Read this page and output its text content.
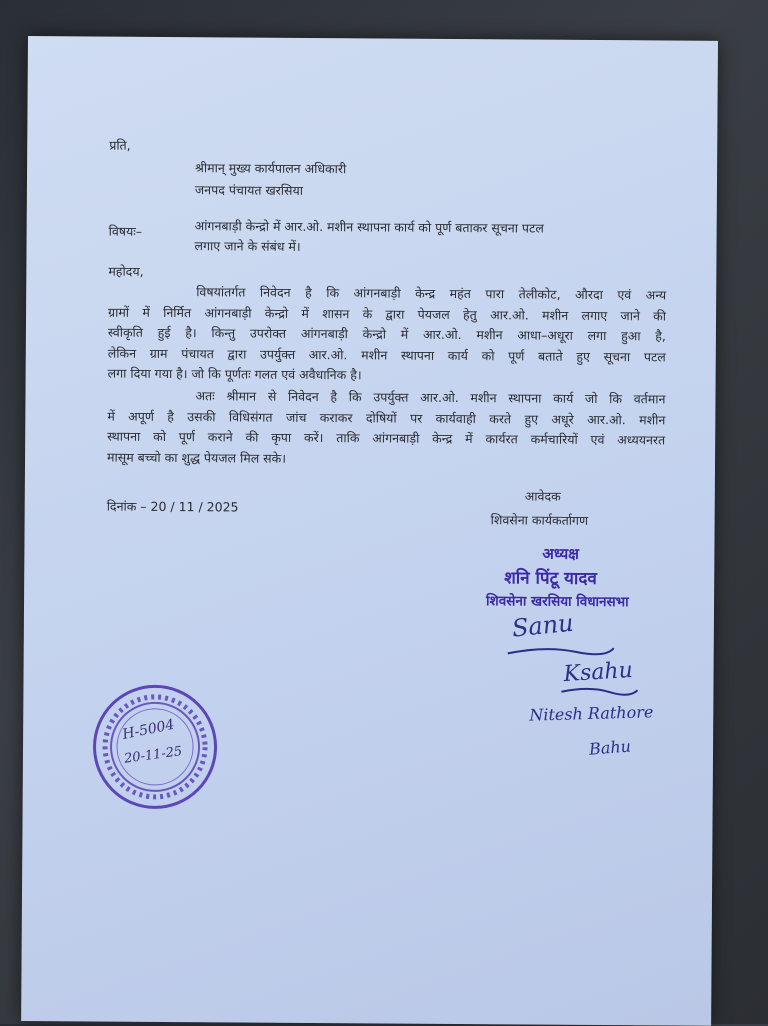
प्रति,
श्रीमान् मुख्य कार्यपालन अधिकारी
जनपद पंचायत खरसिया
विषयः–	आंगनबाड़ी केन्द्रो में आर.ओ. मशीन स्थापना कार्य को पूर्ण बताकर सूचना पटल
लगाए जाने के संबंध में।
महोदय,
विषयांतर्गत निवेदन है कि आंगनबाड़ी केन्द्र महंत पारा तेलीकोट, औरदा एवं अन्य
ग्रामों में निर्मित आंगनबाड़ी केन्द्रो में शासन के द्वारा पेयजल हेतु आर.ओ. मशीन लगाए जाने की
स्वीकृति हुई है। किन्तु उपरोक्त आंगनबाड़ी केन्द्रो में आर.ओ. मशीन आधा–अधूरा लगा हुआ है,
लेकिन ग्राम पंचायत द्वारा उपर्युक्त आर.ओ. मशीन स्थापना कार्य को पूर्ण बताते हुए सूचना पटल
लगा दिया गया है। जो कि पूर्णतः गलत एवं अवैधानिक है।
अतः श्रीमान से निवेदन है कि उपर्युक्त आर.ओ. मशीन स्थापना कार्य जो कि वर्तमान
में अपूर्ण है उसकी विधिसंगत जांच कराकर दोषियों पर कार्यवाही करते हुए अधूरे आर.ओ. मशीन
स्थापना को पूर्ण कराने की कृपा करें। ताकि आंगनबाड़ी केन्द्र में कार्यरत कर्मचारियों एवं अध्ययनरत
मासूम बच्चो का शुद्ध पेयजल मिल सके।
दिनांक – 20 / 11 / 2025
आवेदक
शिवसेना कार्यकर्तागण
अध्यक्ष
शनि पिंटू यादव
शिवसेना खरसिया विधानसभा
Sanu
Ksahu
Nitesh Rathore
Bahu
H-5004
20-11-25
